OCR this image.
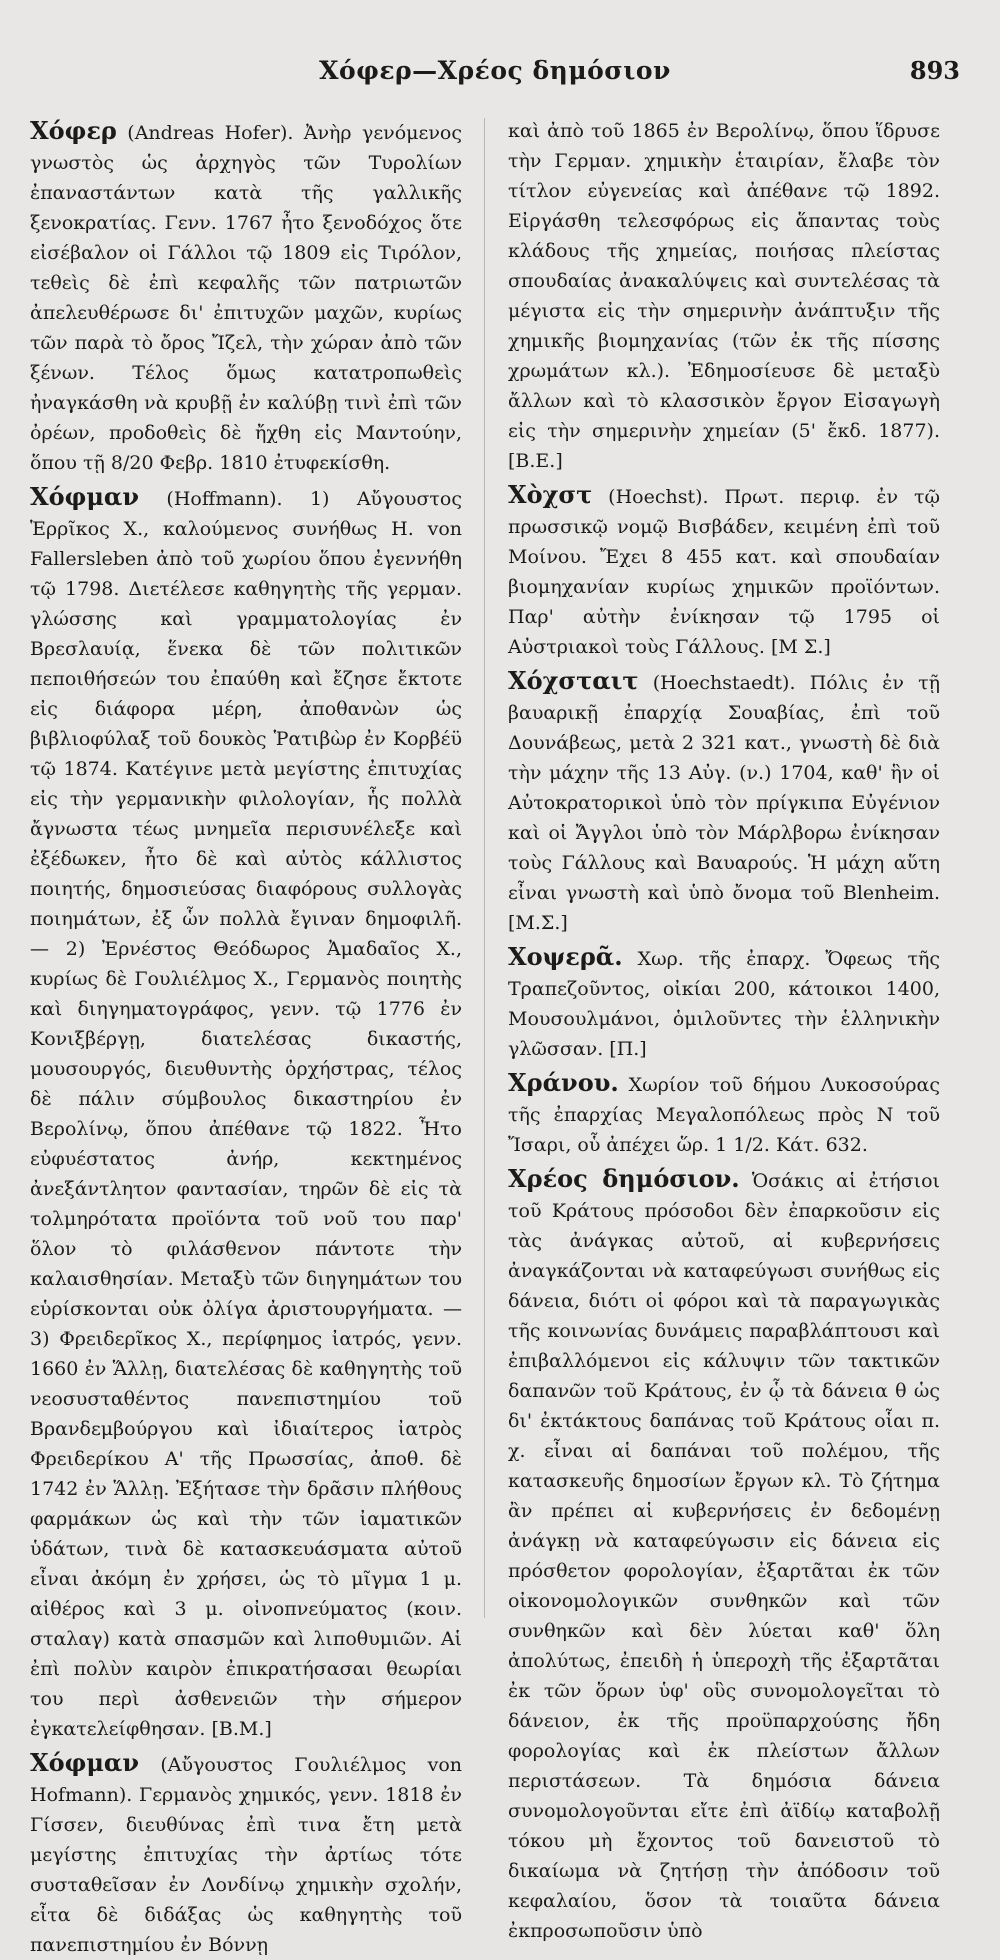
Χόφερ—Χρέος δημόσιον	893

Χόφερ (Andreas Hofer). Ἀνὴρ γενόμενος γνωστὸς ὡς ἀρχηγὸς τῶν Τυρολίων ἐπαναστάντων κατὰ τῆς γαλλικῆς ξενοκρατίας. Γενν. 1767 ἦτο ξενοδόχος ὅτε εἰσέβαλον οἱ Γάλλοι τῷ 1809 εἰς Τιρόλον, τεθεὶς δὲ ἐπὶ κεφαλῆς τῶν πατριωτῶν ἀπελευθέρωσε δι' ἐπιτυχῶν μαχῶν, κυρίως τῶν παρὰ τὸ ὄρος Ἴζελ, τὴν χώραν ἀπὸ τῶν ξένων. Τέλος ὅμως κατατροπωθεὶς ἠναγκάσθη νὰ κρυβῇ ἐν καλύβῃ τινὶ ἐπὶ τῶν ὀρέων, προδοθεὶς δὲ ἤχθη εἰς Μαντούην, ὅπου τῇ 8/20 Φεβρ. 1810 ἐτυφεκίσθη.

Χόφμαν (Hoffmann). 1) Αὔγουστος Ἑρρῖκος Χ., καλούμενος συνήθως H. von Fallersleben ἀπὸ τοῦ χωρίου ὅπου ἐγεννήθη τῷ 1798. Διετέλεσε καθηγητὴς τῆς γερμαν. γλώσσης καὶ γραμματολογίας ἐν Βρεσλαυίᾳ, ἕνεκα δὲ τῶν πολιτικῶν πεποιθήσεών του ἐπαύθη καὶ ἔζησε ἔκτοτε εἰς διάφορα μέρη, ἀποθανὼν ὡς βιβλιοφύλαξ τοῦ δουκὸς Ῥατιβὼρ ἐν Κορβέϋ τῷ 1874. Κατέγινε μετὰ μεγίστης ἐπιτυχίας εἰς τὴν γερμανικὴν φιλολογίαν, ἧς πολλὰ ἄγνωστα τέως μνημεῖα περισυνέλεξε καὶ ἐξέδωκεν, ἦτο δὲ καὶ αὐτὸς κάλλιστος ποιητής, δημοσιεύσας διαφόρους συλλογὰς ποιημάτων, ἐξ ὧν πολλὰ ἔγιναν δημοφιλῆ. — 2) Ἐρνέστος Θεόδωρος Ἀμαδαῖος Χ., κυρίως δὲ Γουλιέλμος Χ., Γερμανὸς ποιητὴς καὶ διηγηματογράφος, γενν. τῷ 1776 ἐν Κονιξβέργῃ, διατελέσας δικαστής, μουσουργός, διευθυντὴς ὀρχήστρας, τέλος δὲ πάλιν σύμβουλος δικαστηρίου ἐν Βερολίνῳ, ὅπου ἀπέθανε τῷ 1822. Ἦτο εὐφυέστατος ἀνήρ, κεκτημένος ἀνεξάντλητον φαντασίαν, τηρῶν δὲ εἰς τὰ τολμηρότατα προϊόντα τοῦ νοῦ του παρ' ὅλον τὸ φιλάσθενον πάντοτε τὴν καλαισθησίαν. Μεταξὺ τῶν διηγημάτων του εὑρίσκονται οὐκ ὀλίγα ἀριστουργήματα. — 3) Φρειδερῖκος Χ., περίφημος ἰατρός, γενν. 1660 ἐν Ἅλλῃ, διατελέσας δὲ καθηγητὴς τοῦ νεοσυσταθέντος πανεπιστημίου τοῦ Βρανδεμβούργου καὶ ἰδιαίτερος ἰατρὸς Φρειδερίκου Α' τῆς Πρωσσίας, ἀποθ. δὲ 1742 ἐν Ἅλλῃ. Ἐξήτασε τὴν δρᾶσιν πλήθους φαρμάκων ὡς καὶ τὴν τῶν ἰαματικῶν ὑδάτων, τινὰ δὲ κατασκευάσματα αὐτοῦ εἶναι ἀκόμη ἐν χρήσει, ὡς τὸ μῖγμα 1 μ. αἰθέρος καὶ 3 μ. οἰνοπνεύματος (κοιν. σταλαγ) κατὰ σπασμῶν καὶ λιποθυμιῶν. Αἱ ἐπὶ πολὺν καιρὸν ἐπικρατήσασαι θεωρίαι του περὶ ἀσθενειῶν τὴν σήμερον ἐγκατελείφθησαν. [Β.Μ.]

Χόφμαν (Αὔγουστος Γουλιέλμος von Hofmann). Γερμανὸς χημικός, γενν. 1818 ἐν Γίσσεν, διευθύνας ἐπὶ τινα ἔτη μετὰ μεγίστης ἐπιτυχίας τὴν ἀρτίως τότε συσταθεῖσαν ἐν Λονδίνῳ χημικὴν σχολήν, εἶτα δὲ διδάξας ὡς καθηγητὴς τοῦ πανεπιστημίου ἐν Βόννῃ

καὶ ἀπὸ τοῦ 1865 ἐν Βερολίνῳ, ὅπου ἵδρυσε τὴν Γερμαν. χημικὴν ἑταιρίαν, ἔλαβε τὸν τίτλον εὐγενείας καὶ ἀπέθανε τῷ 1892. Εἰργάσθη τελεσφόρως εἰς ἅπαντας τοὺς κλάδους τῆς χημείας, ποιήσας πλείστας σπουδαίας ἀνακαλύψεις καὶ συντελέσας τὰ μέγιστα εἰς τὴν σημερινὴν ἀνάπτυξιν τῆς χημικῆς βιομηχανίας (τῶν ἐκ τῆς πίσσης χρωμάτων κλ.). Ἐδημοσίευσε δὲ μεταξὺ ἄλλων καὶ τὸ κλασσικὸν ἔργον Εἰσαγωγὴ εἰς τὴν σημερινὴν χημείαν (5' ἔκδ. 1877). [Β.Ε.]

Χὸχστ (Hoechst). Πρωτ. περιφ. ἐν τῷ πρωσσικῷ νομῷ Βισβάδεν, κειμένη ἐπὶ τοῦ Μοίνου. Ἔχει 8 455 κατ. καὶ σπουδαίαν βιομηχανίαν κυρίως χημικῶν προϊόντων. Παρ' αὐτὴν ἐνίκησαν τῷ 1795 οἱ Αὐστριακοὶ τοὺς Γάλλους. [Μ Σ.]

Χόχσταιτ (Hoechstaedt). Πόλις ἐν τῇ βαυαρικῇ ἐπαρχίᾳ Σουαβίας, ἐπὶ τοῦ Δουνάβεως, μετὰ 2 321 κατ., γνωστὴ δὲ διὰ τὴν μάχην τῆς 13 Αὐγ. (ν.) 1704, καθ' ἣν οἱ Αὐτοκρατορικοὶ ὑπὸ τὸν πρίγκιπα Εὐγένιον καὶ οἱ Ἄγγλοι ὑπὸ τὸν Μάρλβορω ἐνίκησαν τοὺς Γάλλους καὶ Βαυαρούς. Ἡ μάχη αὕτη εἶναι γνωστὴ καὶ ὑπὸ ὄνομα τοῦ Blenheim. [Μ.Σ.]

Χοψερᾶ. Χωρ. τῆς ἐπαρχ. Ὄφεως τῆς Τραπεζοῦντος, οἰκίαι 200, κάτοικοι 1400, Μουσουλμάνοι, ὁμιλοῦντες τὴν ἑλληνικὴν γλῶσσαν. [Π.]

Χράνου. Χωρίον τοῦ δήμου Λυκοσούρας τῆς ἐπαρχίας Μεγαλοπόλεως πρὸς Ν τοῦ Ἴσαρι, οὗ ἀπέχει ὥρ. 1 1/2. Κάτ. 632.

Χρέος δημόσιον. Ὁσάκις αἱ ἐτήσιοι τοῦ Κράτους πρόσοδοι δὲν ἐπαρκοῦσιν εἰς τὰς ἀνάγκας αὐτοῦ, αἱ κυβερνήσεις ἀναγκάζονται νὰ καταφεύγωσι συνήθως εἰς δάνεια, διότι οἱ φόροι καὶ τὰ παραγωγικὰς τῆς κοινωνίας δυνάμεις παραβλάπτουσι καὶ ἐπιβαλλόμενοι εἰς κάλυψιν τῶν τακτικῶν δαπανῶν τοῦ Κράτους, ἐν ᾧ τὰ δάνεια θ ὡς δι' ἐκτάκτους δαπάνας τοῦ Κράτους οἷαι π. χ. εἶναι αἱ δαπάναι τοῦ πολέμου, τῆς κατασκευῆς δημοσίων ἔργων κλ. Τὸ ζήτημα ἂν πρέπει αἱ κυβερνήσεις ἐν δεδομένῃ ἀνάγκῃ νὰ καταφεύγωσιν εἰς δάνεια εἰς πρόσθετον φορολογίαν, ἐξαρτᾶται ἐκ τῶν οἰκονομολογικῶν συνθηκῶν καὶ τῶν συνθηκῶν καὶ δὲν λύεται καθ' ὅλη ἀπολύτως, ἐπειδὴ ἡ ὑπεροχὴ τῆς ἐξαρτᾶται ἐκ τῶν ὅρων ὑφ' οὓς συνομολογεῖται τὸ δάνειον, ἐκ τῆς προϋπαρχούσης ἤδη φορολογίας καὶ ἐκ πλείστων ἄλλων περιστάσεων. Τὰ δημόσια δάνεια συνομολογοῦνται εἴτε ἐπὶ ἀϊδίῳ καταβολῇ τόκου μὴ ἔχοντος τοῦ δανειστοῦ τὸ δικαίωμα νὰ ζητήσῃ τὴν ἀπόδοσιν τοῦ κεφαλαίου, ὅσον τὰ τοιαῦτα δάνεια ἐκπροσωποῦσιν ὑπὸ
